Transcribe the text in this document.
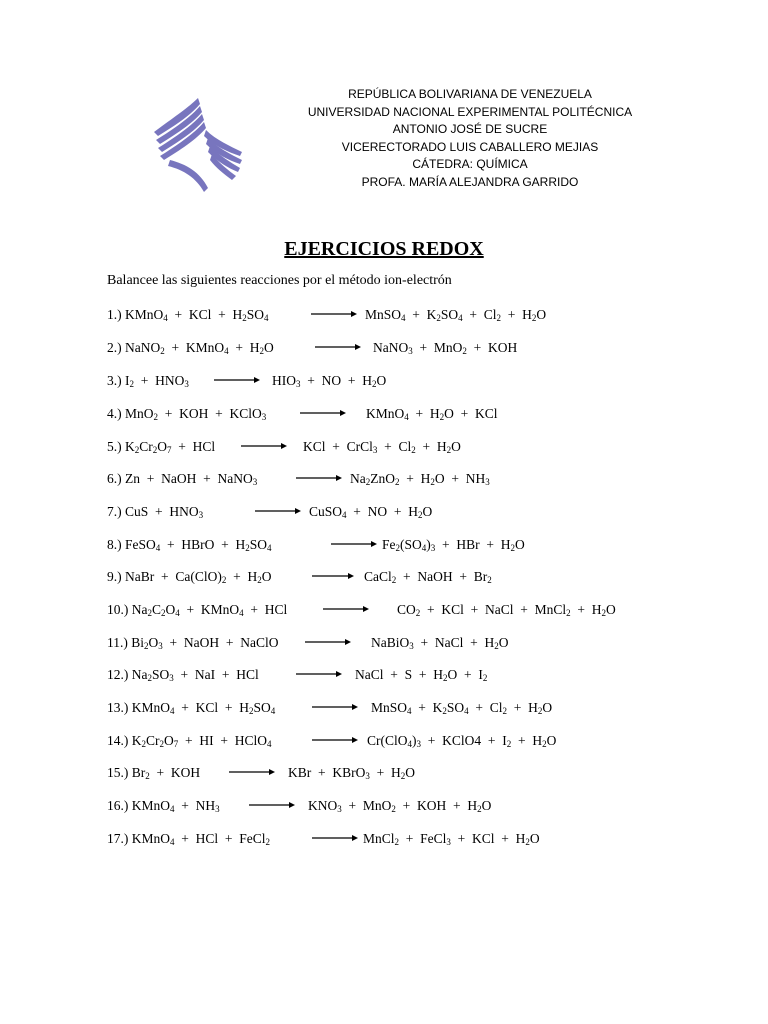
REPÚBLICA BOLIVARIANA DE VENEZUELA
UNIVERSIDAD NACIONAL EXPERIMENTAL POLITÉCNICA
ANTONIO JOSÉ DE SUCRE
VICERECTORADO LUIS CABALLERO MEJIAS
CÁTEDRA: QUÍMICA
PROFA. MARÍA ALEJANDRA GARRIDO
EJERCICIOS REDOX
Balancee las siguientes reacciones por el método ion-electrón
1.) KMnO$_4$  +  KCl  +  $H_2SO_4$	→ MnSO$_4$  +  $K_2SO_4 + Cl_2 + H_2O$
2.) NaNO$_2$  +  KMnO$_4$  +  $H_2O$	→ NaNO$_3$  +  MnO$_2$  +  KOH
3.) $I_2 + HNO_3 \to HIO_3$  +  NO  +  $H_2O$
4.) MnO$_2$  +  KOH  +  KClO$_3$	→ KMnO$_4$  +  $H_2O$  +  KCl
5.) $K_2Cr_2O_7$  +  HCl → KCl  +  CrCl$_3$  +  $Cl_2 + H_2O$
6.) Zn  +  NaOH  +  NaNO$_3$	→ $Na_2ZnO_2 + H_2O + NH_3$
7.) CuS  +  $HNO_3$	→ CuSO$_4$  +  NO  +  $H_2O$
8.) FeSO$_4$  +  HBrO  +  $H_2SO_4$	→ $Fe_2(SO_4)_3$  +  HBr  +  $H_2O$
9.) NaBr  +  $Ca(ClO)_2 + H_2O$	→ CaCl$_2$  +  NaOH  +  $Br_2$
10.) $Na_2C_2O_4$  +  KMnO$_4$  +  HCl	$CO_2$  +  KCl  +  NaCl  +  MnCl$_2$  +  $H_2O$
11.) $Bi_2O_3$  +  NaOH  +  NaClO → NaBiO$_3$  +  NaCl  +  $H_2O$
12.) $Na_2SO_3$  +  NaI  +  HCl	→ NaCl  +  $S + H_2O + I_2$
13.) KMnO$_4$  +  KCl  +  $H_2SO_4$	→ MnSO$_4$  +  $K_2SO_4 + Cl_2 + H_2O$
14.) $K_2Cr_2O_7$  +  HI  +  HClO$_4$	→ $Cr(ClO_4)_3$  +  KClO4  +  $I_2 + H_2O$
15.) $Br_2$  +  KOH → KBr  +  KBrO$_3$  +  $H_2O$
16.) KMnO$_4$  +  $NH_3 \to KNO_3 + MnO_2$  +  KOH  +  $H_2O$
17.) KMnO$_4$  +  HCl  +  FeCl$_2$	→ MnCl$_2$  +  FeCl$_3$  +  KCl  +  $H_2O$
